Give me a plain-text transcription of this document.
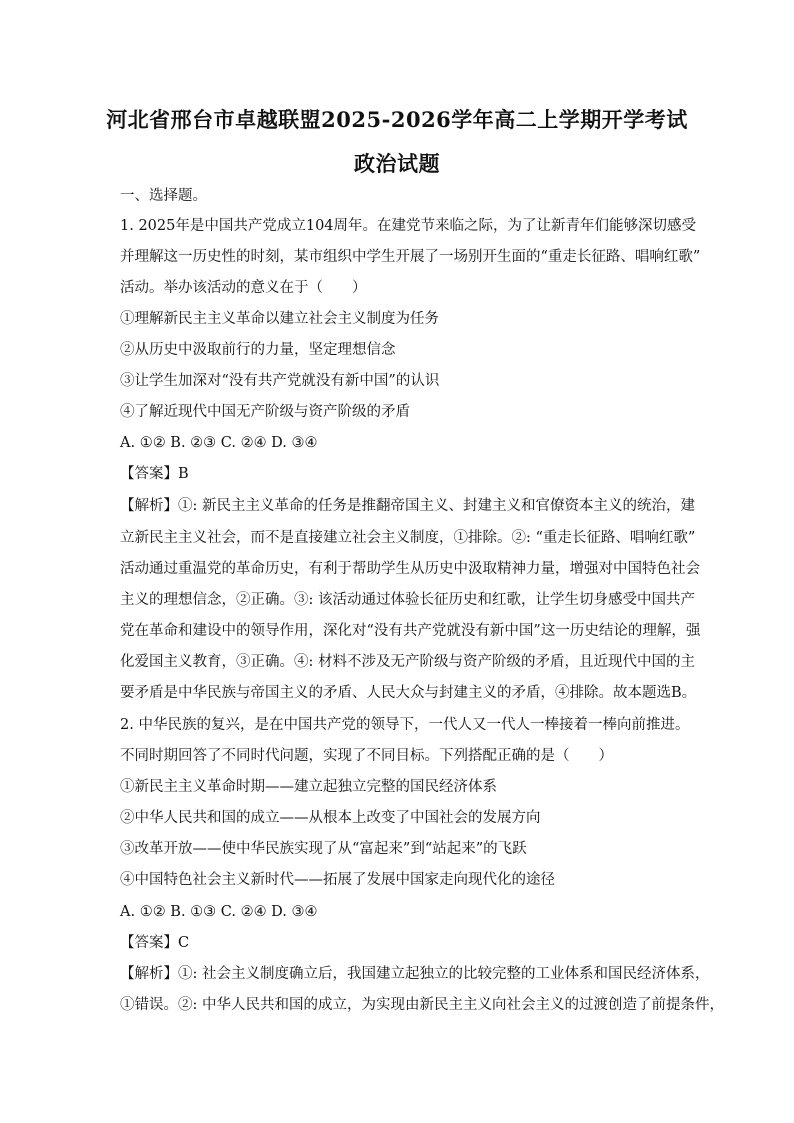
河北省邢台市卓越联盟2025-2026学年高二上学期开学考试
政治试题
一、选择题。
1. 2025年是中国共产党成立104周年。在建党节来临之际，为了让新青年们能够深切感受
并理解这一历史性的时刻，某市组织中学生开展了一场别开生面的“重走长征路、唱响红歌”
活动。举办该活动的意义在于（　　）
①理解新民主主义革命以建立社会主义制度为任务
②从历史中汲取前行的力量，坚定理想信念
③让学生加深对“没有共产党就没有新中国”的认识
④了解近现代中国无产阶级与资产阶级的矛盾
A. ①② B. ②③ C. ②④ D. ③④
【答案】B
【解析】①: 新民主主义革命的任务是推翻帝国主义、封建主义和官僚资本主义的统治，建
立新民主主义社会，而不是直接建立社会主义制度，①排除。②: “重走长征路、唱响红歌”
活动通过重温党的革命历史，有利于帮助学生从历史中汲取精神力量，增强对中国特色社会
主义的理想信念，②正确。③: 该活动通过体验长征历史和红歌，让学生切身感受中国共产
党在革命和建设中的领导作用，深化对“没有共产党就没有新中国”这一历史结论的理解，强
化爱国主义教育，③正确。④: 材料不涉及无产阶级与资产阶级的矛盾，且近现代中国的主
要矛盾是中华民族与帝国主义的矛盾、人民大众与封建主义的矛盾，④排除。故本题选B。
2. 中华民族的复兴，是在中国共产党的领导下，一代人又一代人一棒接着一棒向前推进。
不同时期回答了不同时代问题，实现了不同目标。下列搭配正确的是（　　）
①新民主主义革命时期——建立起独立完整的国民经济体系
②中华人民共和国的成立——从根本上改变了中国社会的发展方向
③改革开放——使中华民族实现了从“富起来”到“站起来”的飞跃
④中国特色社会主义新时代——拓展了发展中国家走向现代化的途径
A. ①② B. ①③ C. ②④ D. ③④
【答案】C
【解析】①: 社会主义制度确立后，我国建立起独立的比较完整的工业体系和国民经济体系，
①错误。②: 中华人民共和国的成立，为实现由新民主主义向社会主义的过渡创造了前提条件，
